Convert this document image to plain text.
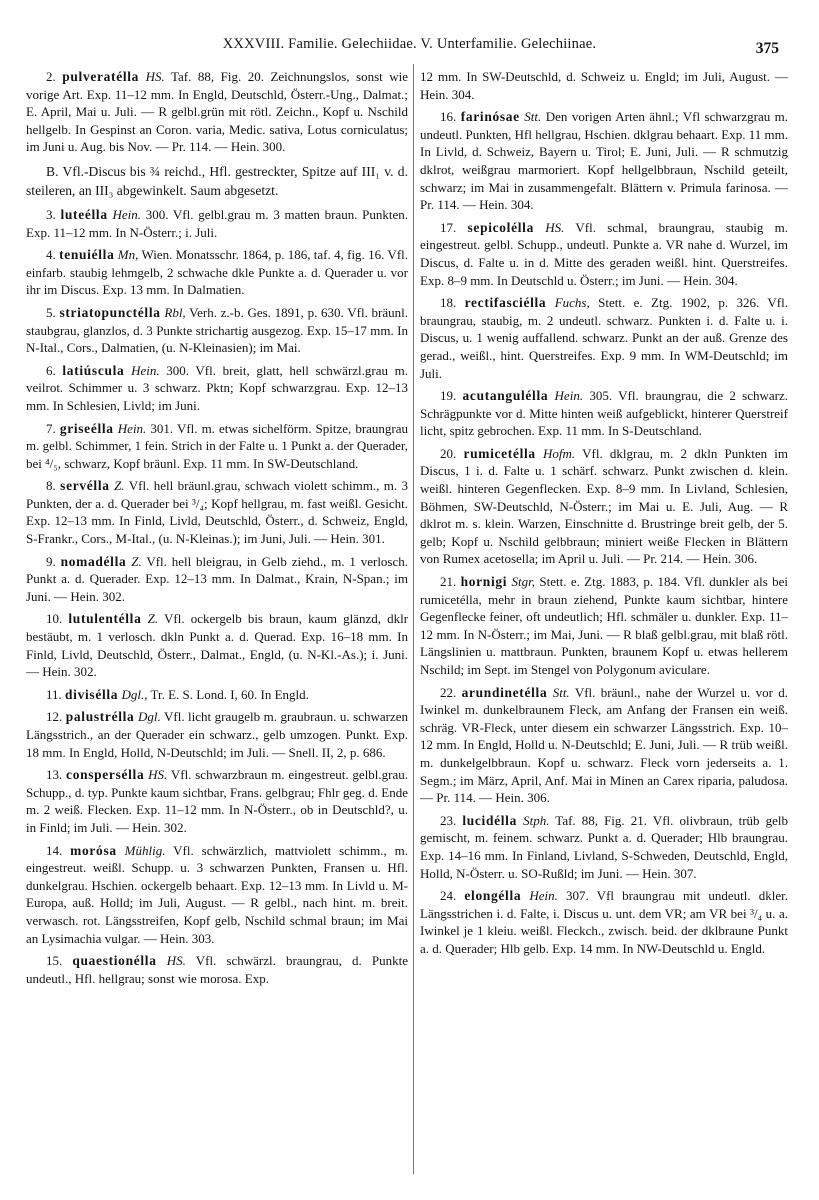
XXXVIII. Familie. Gelechiidae. V. Unterfamilie. Gelechiinae.	375

2. pulveratélla HS. Taf. 88, Fig. 20. Zeichnungslos, sonst wie vorige Art. Exp. 11–12 mm. In Engld, Deutschld, Österr.-Ung., Dalmat.; E. April, Mai u. Juli. — R gelbl.grün mit rötl. Zeichn., Kopf u. Nschild hellgelb. In Gespinst an Coron. varia, Medic. sativa, Lotus corniculatus; im Juni u. Aug. bis Nov. — Pr. 114. — Hein. 300.

B. Vfl.-Discus bis ¾ reichd., Hfl. gestreckter, Spitze auf III₁ v. d. steileren, an III₃ abgewinkelt. Saum abgesetzt.

3. lutеélla Hein. 300. Vfl. gelbl.grau m. 3 matten braun. Punkten. Exp. 11–12 mm. In N-Österr.; i. Juli.

4. tenuiélla Mn, Wien. Monatsschr. 1864, p. 186, taf. 4, fig. 16. Vfl. einfarb. staubig lehmgelb, 2 schwache dkle Punkte a. d. Querader u. vor ihr im Discus. Exp. 13 mm. In Dalmatien.

5. striatopunctélla Rbl, Verh. z.-b. Ges. 1891, p. 630. Vfl. bräunl. staubgrau, glanzlos, d. 3 Punkte strichartig ausgezog. Exp. 15–17 mm. In N-Ital., Cors., Dalmatien, (u. N-Kleinasien); im Mai.

6. latiúscula Hein. 300. Vfl. breit, glatt, hell schwärzl.grau m. veilrot. Schimmer u. 3 schwarz. Pktn; Kopf schwarzgrau. Exp. 12–13 mm. In Schlesien, Livld; im Juni.

7. griseélla Hein. 301. Vfl. m. etwas sichelförm. Spitze, braungrau m. gelbl. Schimmer, 1 fein. Strich in der Falte u. 1 Punkt a. der Querader, bei ⁴/₅, schwarz, Kopf bräunl. Exp. 11 mm. In SW-Deutschland.

8. servélla Z. Vfl. hell bräunl.grau, schwach violett schimm., m. 3 Punkten, der a. d. Querader bei ³/₄; Kopf hellgrau, m. fast weißl. Gesicht. Exp. 12–13 mm. In Finld, Livld, Deutschld, Österr., d. Schweiz, Engld, S-Frankr., Cors., M-Ital., (u. N-Kleinas.); im Juni, Juli. — Hein. 301.

9. nomadélla Z. Vfl. hell bleigrau, in Gelb ziehd., m. 1 verlosch. Punkt a. d. Querader. Exp. 12–13 mm. In Dalmat., Krain, N-Span.; im Juni. — Hein. 302.

10. lutulentélla Z. Vfl. ockergelb bis braun, kaum glänzd, dklr bestäubt, m. 1 verlosch. dkln Punkt a. d. Querad. Exp. 16–18 mm. In Finld, Livld, Deutschld, Österr., Dalmat., Engld, (u. N-Kl.-As.); i. Juni. — Hein. 302.

11. diviséllа Dgl., Tr. E. S. Lond. I, 60. In Engld.

12. palustrélla Dgl. Vfl. licht graugelb m. graubraun. u. schwarzen Längsstrich., an der Querader ein schwarz., gelb umzogen. Punkt. Exp. 18 mm. In Engld, Holld, N-Deutschld; im Juli. — Snell. II, 2, p. 686.

13. consperséllа HS. Vfl. schwarzbraun m. eingestreut. gelbl.grau. Schupp., d. typ. Punkte kaum sichtbar, Frans. gelbgrau; Fhlr geg. d. Ende m. 2 weiß. Flecken. Exp. 11–12 mm. In N-Österr., ob in Deutschld?, u. in Finld; im Juli. — Hein. 302.

14. morósa Mühlig. Vfl. schwärzlich, mattviolett schimm., m. eingestreut. weißl. Schupp. u. 3 schwarzen Punkten, Fransen u. Hfl. dunkelgrau. Hschien. ockergelb behaart. Exp. 12–13 mm. In Livld u. M-Europa, auß. Holld; im Juli, August. — R gelbl., nach hint. m. breit. verwasch. rot. Längsstreifen, Kopf gelb, Nschild schmal braun; im Mai an Lysimachia vulgar. — Hein. 303.

15. quaestionélla HS. Vfl. schwärzl. braungrau, d. Punkte undeutl., Hfl. hellgrau; sonst wie morosa. Exp.

12 mm. In SW-Deutschld, d. Schweiz u. Engld; im Juli, August. — Hein. 304.

16. farinósae Stt. Den vorigen Arten ähnl.; Vfl schwarzgrau m. undeutl. Punkten, Hfl hellgrau, Hschien. dklgrau behaart. Exp. 11 mm. In Livld, d. Schweiz, Bayern u. Tirol; E. Juni, Juli. — R schmutzig dklrot, weißgrau marmoriert. Kopf hellgelbbraun, Nschild geteilt, schwarz; im Mai in zusammengefalt. Blättern v. Primula farinosa. — Pr. 114. — Hein. 304.

17. sepicolélla HS. Vfl. schmal, braungrau, staubig m. eingestreut. gelbl. Schupp., undeutl. Punkte a. VR nahe d. Wurzel, im Discus, d. Falte u. in d. Mitte des geraden weißl. hint. Querstreifes. Exp. 8–9 mm. In Deutschld u. Österr.; im Juni. — Hein. 304.

18. rectifasciélla Fuchs, Stett. e. Ztg. 1902, p. 326. Vfl. braungrau, staubig, m. 2 undeutl. schwarz. Punkten i. d. Falte u. i. Discus, u. 1 wenig auffallend. schwarz. Punkt an der auß. Grenze des gerad., weißl., hint. Querstreifes. Exp. 9 mm. In WM-Deutschld; im Juli.

19. acutangulélla Hein. 305. Vfl. braungrau, die 2 schwarz. Schrägpunkte vor d. Mitte hinten weiß aufgeblickt, hinterer Querstreif licht, spitz gebrochen. Exp. 11 mm. In S-Deutschland.

20. rumicetélla Hofm. Vfl. dklgrau, m. 2 dkln Punkten im Discus, 1 i. d. Falte u. 1 schärf. schwarz. Punkt zwischen d. klein. weißl. hinteren Gegenflecken. Exp. 8–9 mm. In Livland, Schlesien, Böhmen, SW-Deutschld, N-Österr.; im Mai u. E. Juli, Aug. — R dklrot m. s. klein. Warzen, Einschnitte d. Brustringe breit gelb, der 5. gelb; Kopf u. Nschild gelbbraun; miniert weiße Flecken in Blättern von Rumex acetosella; im April u. Juli. — Pr. 214. — Hein. 306.

21. hornigi Stgr, Stett. e. Ztg. 1883, p. 184. Vfl. dunkler als bei rumicetélla, mehr in braun ziehend, Punkte kaum sichtbar, hintere Gegenflecke feiner, oft undeutlich; Hfl. schmäler u. dunkler. Exp. 11–12 mm. In N-Österr.; im Mai, Juni. — R blaß gelbl.grau, mit blaß rötl. Längslinien u. mattbraun. Punkten, braunem Kopf u. etwas hellerem Nschild; im Sept. im Stengel von Polygonum aviculare.

22. arundinetélla Stt. Vfl. bräunl., nahe der Wurzel u. vor d. Iwinkel m. dunkelbraunem Fleck, am Anfang der Fransen ein weiß. schräg. VR-Fleck, unter diesem ein schwarzer Längsstrich. Exp. 10–12 mm. In Engld, Holld u. N-Deutschld; E. Juni, Juli. — R trüb weißl. m. dunkelgelbbraun. Kopf u. schwarz. Fleck vorn jederseits a. 1. Segm.; im März, April, Anf. Mai in Minen an Carex riparia, paludosa. — Pr. 114. — Hein. 306.

23. lucidélla Stph. Taf. 88, Fig. 21. Vfl. olivbraun, trüb gelb gemischt, m. feinem. schwarz. Punkt a. d. Querader; Hlb braungrau. Exp. 14–16 mm. In Finland, Livland, S-Schweden, Deutschld, Engld, Holld, N-Österr. u. SO-Rußld; im Juni. — Hein. 307.

24. elongélla Hein. 307. Vfl braungrau mit undeutl. dkler. Längsstrichen i. d. Falte, i. Discus u. unt. dem VR; am VR bei ³/₄ u. a. Iwinkel je 1 kleiu. weißl. Fleckch., zwisch. beid. der dklbraune Punkt a. d. Querader; Hlb gelb. Exp. 14 mm. In NW-Deutschld u. Engld.
